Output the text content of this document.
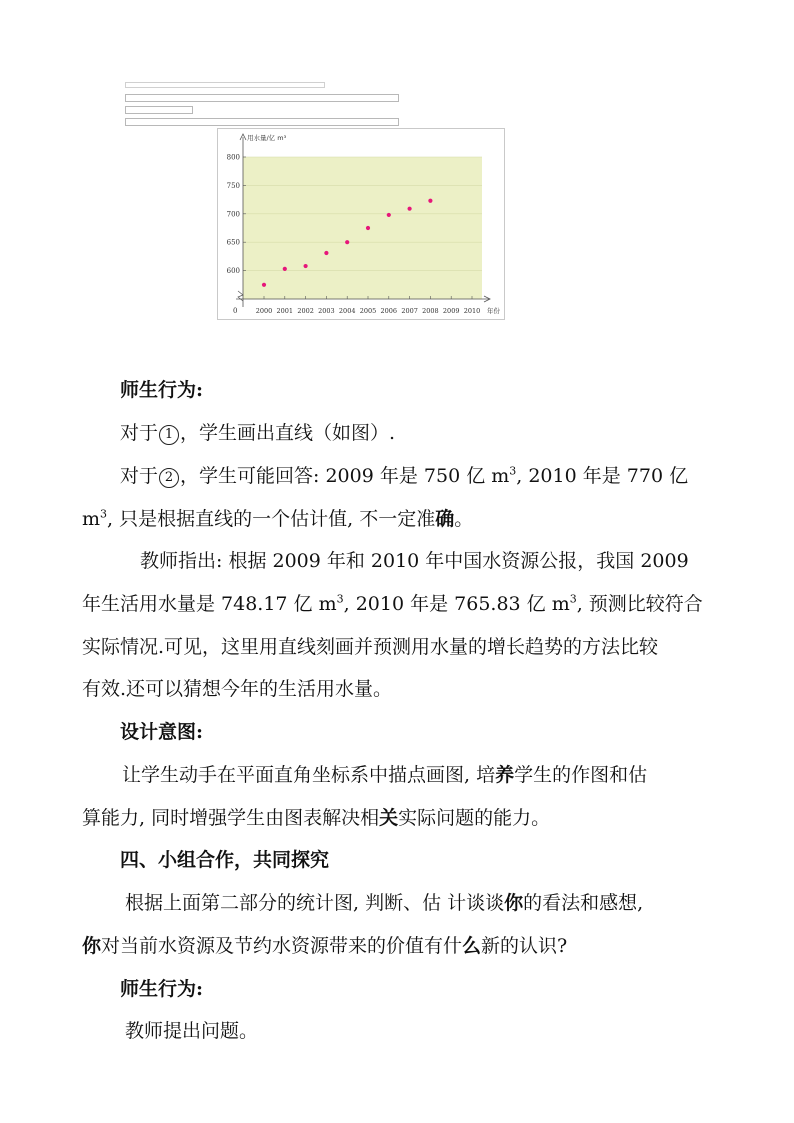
600
650
700
750
800
2000 2001 2002 2003 2004 2005 2006 2007 2008 2009 2010
用水量/亿 m³
年份
0
师生行为:
对于 1 ，学生画出直线（如图）.
对于 2 ，学生可能回答: 2009 年是 750 亿 $m^3$, 2010 年是 770 亿
$m^3$, 只是根据直线的一个估计值, 不一定准确。
教师指出: 根据 2009 年和 2010 年中国水资源公报，我国 2009
年生活用水量是 748.17 亿 $m^3$, 2010 年是 765.83 亿 $m^3$, 预测比较符合
实际情况.可见，这里用直线刻画并预测用水量的增长趋势的方法比较
有效.还可以猜想今年的生活用水量。
设计意图:
让学生动手在平面直角坐标系中描点画图, 培养学生的作图和估
算能力, 同时增强学生由图表解决相关实际问题的能力。
四、小组合作，共同探究
根据上面第二部分的统计图, 判断、估 计谈谈你的看法和感想,
你对当前水资源及节约水资源带来的价值有什么新的认识?
师生行为:
教师提出问题。
